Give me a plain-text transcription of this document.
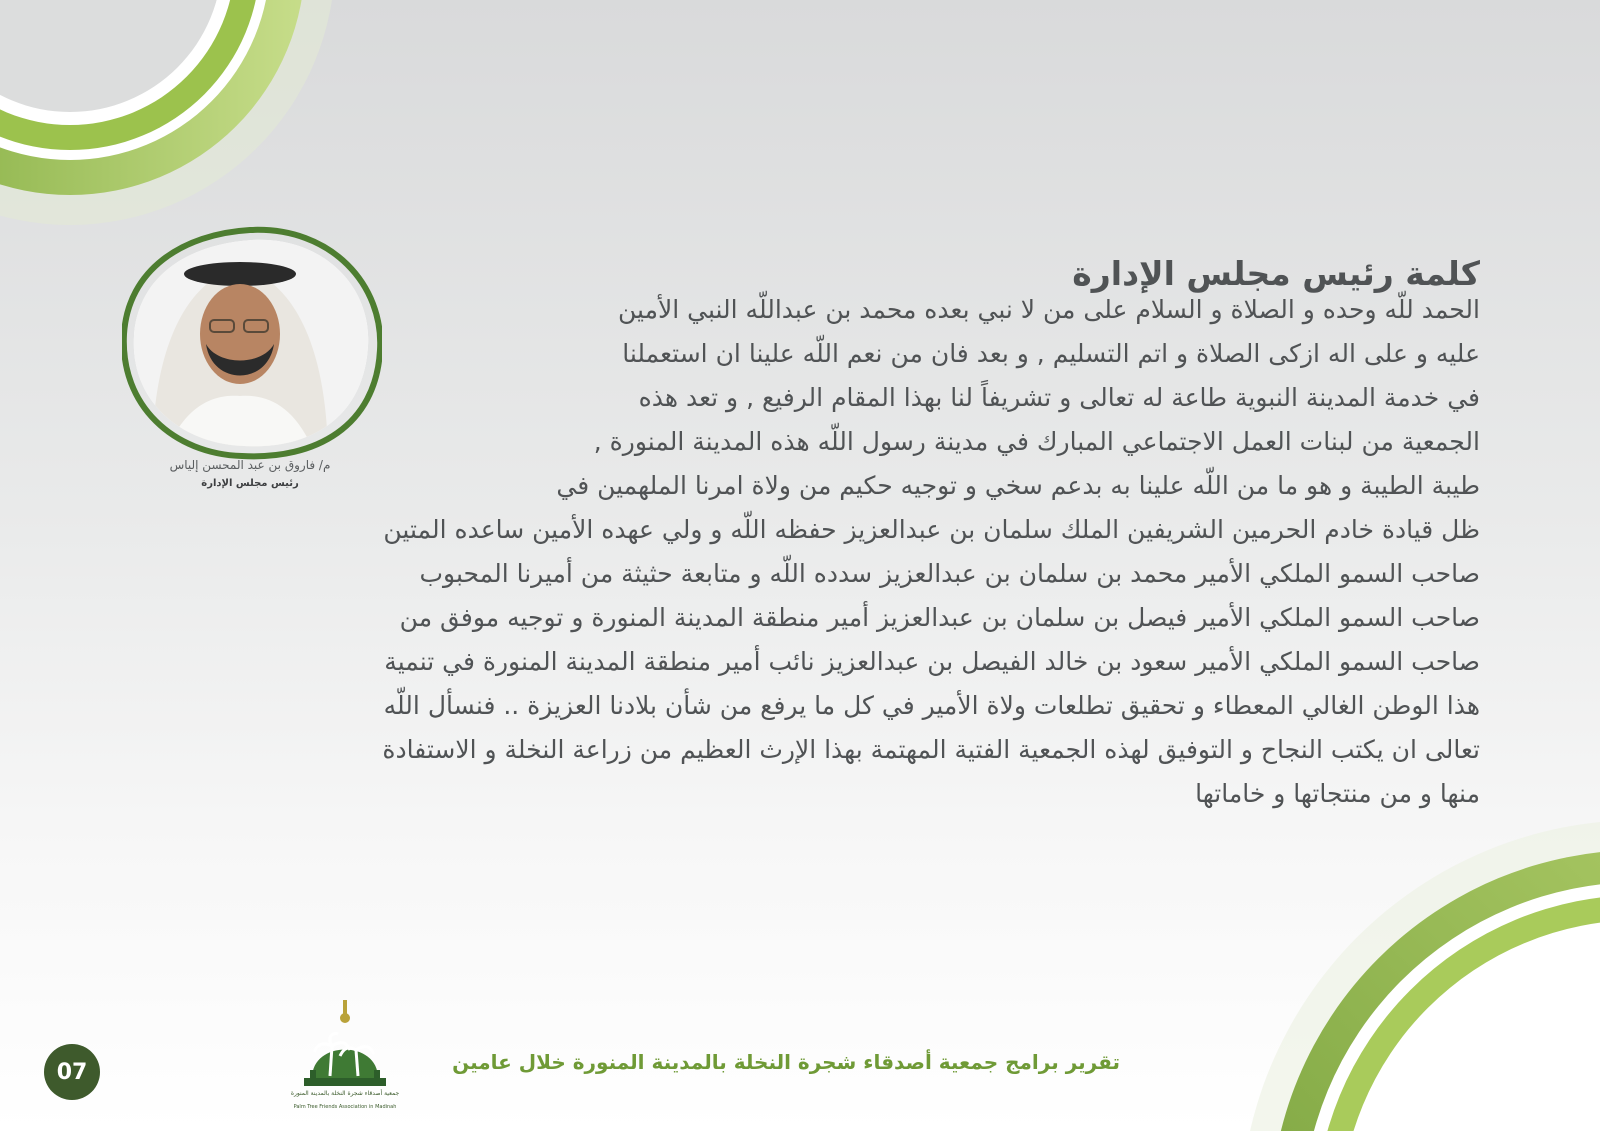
كلمة رئيس مجلس الإدارة
الحمد للّه وحده و الصلاة و السلام على من لا نبي بعده محمد بن عبداللّه النبي الأمين
عليه و على اله ازكى الصلاة و اتم التسليم , و بعد فان من نعم اللّه علينا ان استعملنا
في خدمة المدينة النبوية طاعة له تعالى و تشريفاً لنا بهذا المقام الرفيع , و تعد هذه
الجمعية من لبنات العمل الاجتماعي المبارك في مدينة رسول اللّه هذه المدينة المنورة ,
طيبة الطيبة و هو ما من اللّه علينا به بدعم سخي و توجيه حكيم من ولاة امرنا الملهمين في
ظل قيادة خادم الحرمين الشريفين الملك سلمان بن عبدالعزيز حفظه اللّه و ولي عهده الأمين ساعده المتين
صاحب السمو الملكي الأمير محمد بن سلمان بن عبدالعزيز سدده اللّه و متابعة حثيثة من أميرنا المحبوب
صاحب السمو الملكي الأمير فيصل بن سلمان بن عبدالعزيز أمير منطقة المدينة المنورة و توجيه موفق من
صاحب السمو الملكي الأمير سعود بن خالد الفيصل بن عبدالعزيز نائب أمير منطقة المدينة المنورة في تنمية
هذا الوطن الغالي المعطاء و تحقيق تطلعات ولاة الأمير في كل ما يرفع من شأن بلادنا العزيزة .. فنسأل اللّه
تعالى ان يكتب النجاح و التوفيق لهذه الجمعية الفتية المهتمة بهذا الإرث العظيم من زراعة النخلة و الاستفادة
منها و من منتجاتها و خاماتها
م/ فاروق بن عبد المحسن إلياس
رئيس مجلس الإدارة
جمعية أصدقاء شجرة النخلة بالمدينة المنورة
Palm Tree Friends Association in Madinah
تقرير برامج جمعية أصدقاء شجرة النخلة بالمدينة المنورة خلال عامين
07
